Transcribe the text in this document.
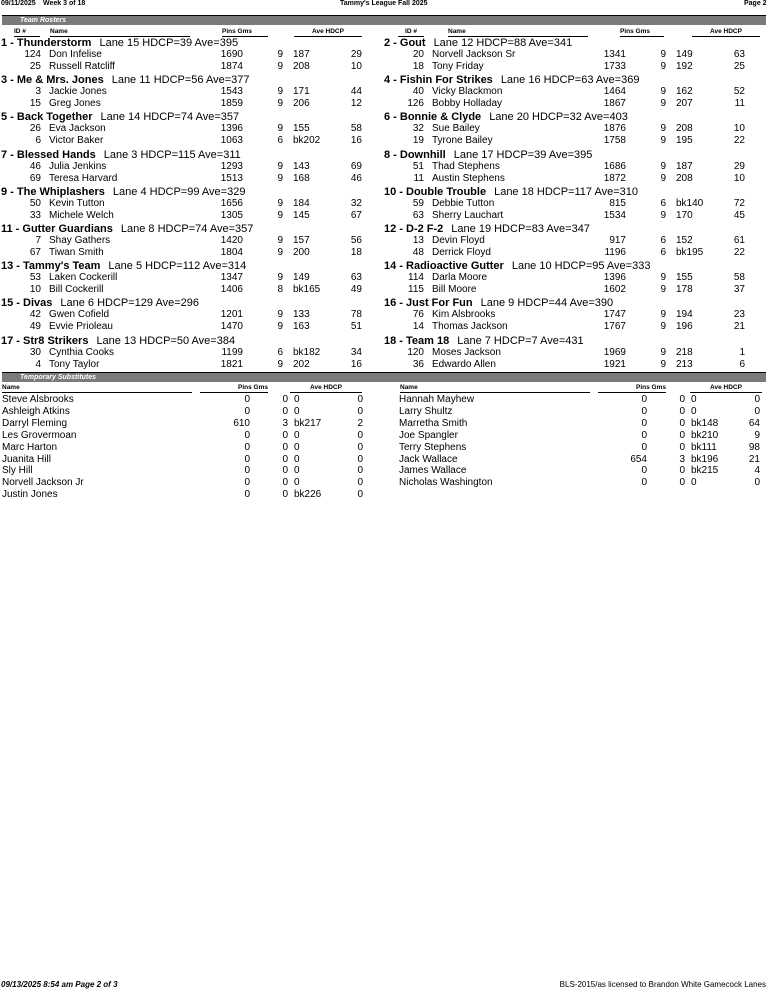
09/11/2025 Week 3 of 18	Tammy's League Fall 2025	Page 2
Team Rosters
ID #	Name	Pins Gms	Ave HDCP	ID #	Name	Pins Gms	Ave HDCP
1 - Thunderstorm Lane 15 HDCP=39 Ave=395
124 Don Infelise	1690	9 187	29
25 Russell Ratcliff	1874	9 208	10
2 - Gout Lane 12 HDCP=88 Ave=341
20 Norvell Jackson Sr	1341	9 149	63
18 Tony Friday	1733	9 192	25
3 - Me & Mrs. Jones Lane 11 HDCP=56 Ave=377
3 Jackie Jones	1543	9 171	44
15 Greg Jones	1859	9 206	12
4 - Fishin For Strikes Lane 16 HDCP=63 Ave=369
40 Vicky Blackmon	1464	9 162	52
126 Bobby Holladay	1867	9 207	11
5 - Back Together Lane 14 HDCP=74 Ave=357
26 Eva Jackson	1396	9 155	58
6 Victor Baker	1063	6 bk202	16
6 - Bonnie & Clyde Lane 20 HDCP=32 Ave=403
32 Sue Bailey	1876	9 208	10
19 Tyrone Bailey	1758	9 195	22
7 - Blessed Hands Lane 3 HDCP=115 Ave=311
46 Julia Jenkins	1293	9 143	69
69 Teresa Harvard	1513	9 168	46
8 - Downhill Lane 17 HDCP=39 Ave=395
51 Thad Stephens	1686	9 187	29
11 Austin Stephens	1872	9 208	10
9 - The Whiplashers Lane 4 HDCP=99 Ave=329
50 Kevin Tutton	1656	9 184	32
33 Michele Welch	1305	9 145	67
10 - Double Trouble Lane 18 HDCP=117 Ave=310
59 Debbie Tutton	815	6 bk140	72
63 Sherry Lauchart	1534	9 170	45
11 - Gutter Guardians Lane 8 HDCP=74 Ave=357
7 Shay Gathers	1420	9 157	56
67 Tiwan Smith	1804	9 200	18
12 - D-2 F-2 Lane 19 HDCP=83 Ave=347
13 Devin Floyd	917	6 152	61
48 Derrick Floyd	1196	6 bk195	22
13 - Tammy's Team Lane 5 HDCP=112 Ave=314
53 Laken Cockerill	1347	9 149	63
10 Bill Cockerill	1406	8 bk165	49
14 - Radioactive Gutter Lane 10 HDCP=95 Ave=333
114 Darla Moore	1396	9 155	58
115 Bill Moore	1602	9 178	37
15 - Divas Lane 6 HDCP=129 Ave=296
42 Gwen Cofield	1201	9 133	78
49 Evvie Prioleau	1470	9 163	51
16 - Just For Fun Lane 9 HDCP=44 Ave=390
76 Kim Alsbrooks	1747	9 194	23
14 Thomas Jackson	1767	9 196	21
17 - Str8 Strikers Lane 13 HDCP=50 Ave=384
30 Cynthia Cooks	1199	6 bk182	34
4 Tony Taylor	1821	9 202	16
18 - Team 18 Lane 7 HDCP=7 Ave=431
120 Moses Jackson	1969	9 218	1
36 Edwardo Allen	1921	9 213	6
Temporary Substitutes
Name	Pins Gms	Ave HDCP	Name	Pins Gms	Ave HDCP
Steve Alsbrooks	0	0 0	0
Ashleigh Atkins	0	0 0	0
Darryl Fleming	610	3 bk217	2
Les Grovermoan	0	0 0	0
Marc Harton	0	0 0	0
Juanita Hill	0	0 0	0
Sly Hill	0	0 0	0
Norvell Jackson Jr	0	0 0	0
Justin Jones	0	0 bk226	0
Hannah Mayhew	0	0 0	0
Larry Shultz	0	0 0	0
Marretha Smith	0	0 bk148	64
Joe Spangler	0	0 bk210	9
Terry Stephens	0	0 bk111	98
Jack Wallace	654	3 bk196	21
James Wallace	0	0 bk215	4
Nicholas Washington	0	0 0	0
09/13/2025 8:54 am Page 2 of 3	BLS-2015/as licensed to Brandon White Gamecock Lanes
